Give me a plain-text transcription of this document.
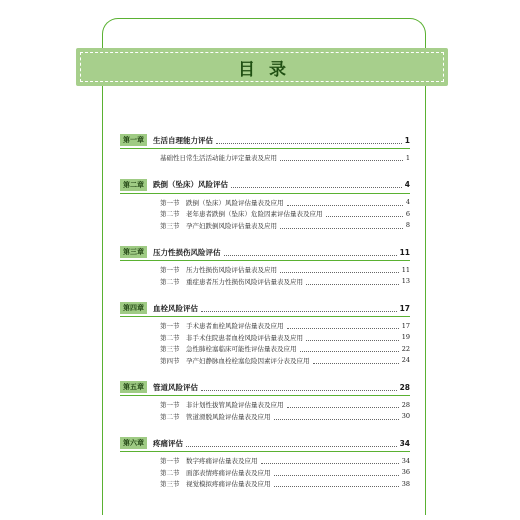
目录
第一章	生活自理能力评估	1
基础性日常生活活动能力评定量表及应用	1
第二章	跌倒（坠床）风险评估	4
第一节	跌倒（坠床）风险评估量表及应用	4
第二节	老年患者跌倒（坠床）危险因素评估量表及应用	6
第三节	孕产妇跌倒风险评估量表及应用	8
第三章	压力性损伤风险评估	11
第一节	压力性损伤风险评估量表及应用	11
第二节	重症患者压力性损伤风险评估量表及应用	13
第四章	血栓风险评估	17
第一节	手术患者血栓风险评估量表及应用	17
第二节	非手术住院患者血栓风险评估量表及应用	19
第三节	急性肺栓塞临床可能性评估量表及应用	22
第四节	孕产妇静脉血栓栓塞危险因素评分表及应用	24
第五章	管道风险评估	28
第一节	非计划性拔管风险评估量表及应用	28
第二节	管道滑脱风险评估量表及应用	30
第六章	疼痛评估	34
第一节	数字疼痛评估量表及应用	34
第二节	面部表情疼痛评估量表及应用	36
第三节	视觉模拟疼痛评估量表及应用	38
